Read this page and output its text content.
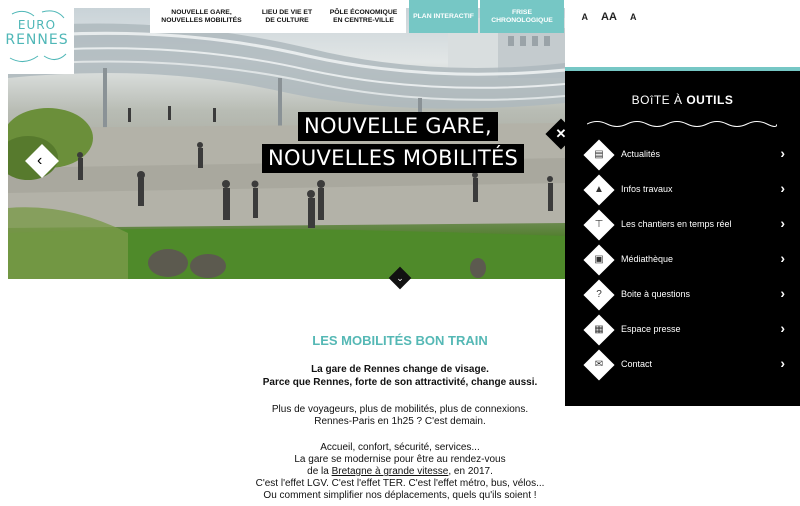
‹
NOUVELLE GARE,
NOUVELLES MOBILITÉS
⌄
EURO
RENNES
NOUVELLE GARE, NOUVELLES MOBILITÉS
LIEU DE VIE ET DE CULTURE
PÔLE ÉCONOMIQUE EN CENTRE-VILLE
PLAN INTERACTIF
FRISE CHRONOLOGIQUE	A AA A
✕
BOîTE À OUTILS
▤	Actualités	›
▲	Infos travaux	›
⊤	Les chantiers en temps réel	›
▣	Médiathèque	›
?	Boite à questions	›
▦	Espace presse	›
✉	Contact	›
LES MOBILITÉS BON TRAIN
La gare de Rennes change de visage.
Parce que Rennes, forte de son attractivité, change aussi.
Plus de voyageurs, plus de mobilités, plus de connexions.
Rennes-Paris en 1h25 ? C'est demain.
Accueil, confort, sécurité, services...
La gare se modernise pour être au rendez-vous
de la Bretagne à grande vitesse, en 2017.
C'est l'effet LGV. C'est l'effet TER. C'est l'effet métro, bus, vélos...
Ou comment simplifier nos déplacements, quels qu'ils soient !
